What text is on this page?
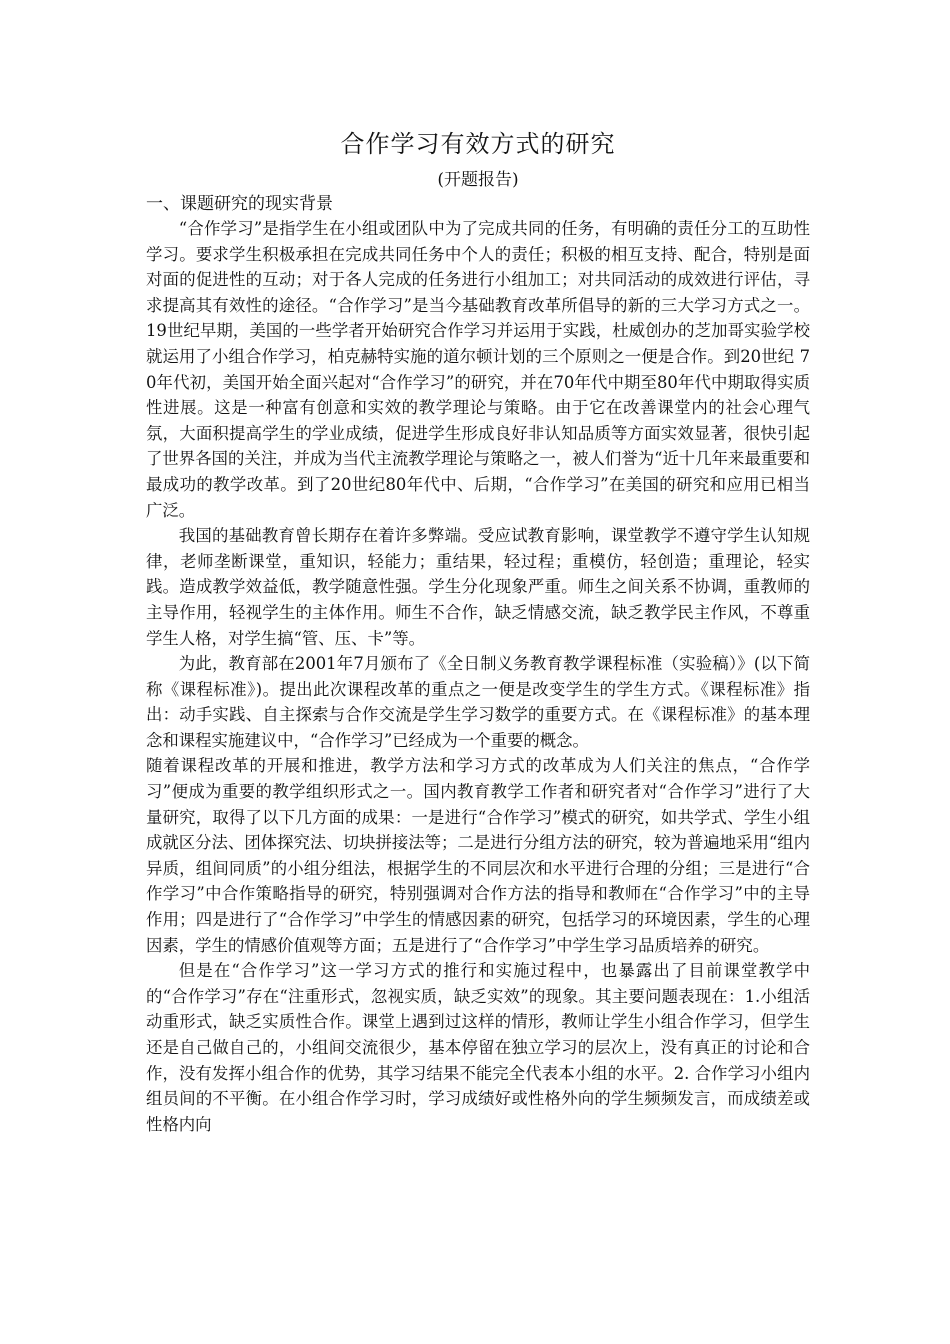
合作学习有效方式的研究

(开题报告)

一、课题研究的现实背景

“合作学习”是指学生在小组或团队中为了完成共同的任务，有明确的责任分工的互助性学习。要求学生积极承担在完成共同任务中个人的责任；积极的相互支持、配合，特别是面对面的促进性的互动；对于各人完成的任务进行小组加工；对共同活动的成效进行评估，寻求提高其有效性的途径。“合作学习”是当今基础教育改革所倡导的新的三大学习方式之一。19世纪早期，美国的一些学者开始研究合作学习并运用于实践，杜威创办的芝加哥实验学校就运用了小组合作学习，柏克赫特实施的道尔顿计划的三个原则之一便是合作。到20世纪 70年代初，美国开始全面兴起对“合作学习”的研究，并在70年代中期至80年代中期取得实质性进展。这是一种富有创意和实效的教学理论与策略。由于它在改善课堂内的社会心理气氛，大面积提高学生的学业成绩，促进学生形成良好非认知品质等方面实效显著，很快引起了世界各国的关注，并成为当代主流教学理论与策略之一，被人们誉为“近十几年来最重要和最成功的教学改革。到了20世纪80年代中、后期，“合作学习”在美国的研究和应用已相当广泛。

我国的基础教育曾长期存在着许多弊端。受应试教育影响，课堂教学不遵守学生认知规律，老师垄断课堂，重知识，轻能力；重结果，轻过程；重模仿，轻创造；重理论，轻实践。造成教学效益低，教学随意性强。学生分化现象严重。师生之间关系不协调，重教师的主导作用，轻视学生的主体作用。师生不合作，缺乏情感交流，缺乏教学民主作风，不尊重学生人格，对学生搞“管、压、卡”等。

为此，教育部在2001年7月颁布了《全日制义务教育教学课程标准（实验稿）》(以下简称《课程标准》)。提出此次课程改革的重点之一便是改变学生的学生方式。《课程标准》指出：动手实践、自主探索与合作交流是学生学习数学的重要方式。在《课程标准》的基本理念和课程实施建议中，“合作学习”已经成为一个重要的概念。

随着课程改革的开展和推进，教学方法和学习方式的改革成为人们关注的焦点，“合作学习”便成为重要的教学组织形式之一。国内教育教学工作者和研究者对“合作学习”进行了大量研究，取得了以下几方面的成果：一是进行“合作学习”模式的研究，如共学式、学生小组成就区分法、团体探究法、切块拼接法等；二是进行分组方法的研究，较为普遍地采用“组内异质，组间同质”的小组分组法，根据学生的不同层次和水平进行合理的分组；三是进行“合作学习”中合作策略指导的研究，特别强调对合作方法的指导和教师在“合作学习”中的主导作用；四是进行了“合作学习”中学生的情感因素的研究，包括学习的环境因素，学生的心理因素，学生的情感价值观等方面；五是进行了“合作学习”中学生学习品质培养的研究。

但是在“合作学习”这一学习方式的推行和实施过程中，也暴露出了目前课堂教学中的“合作学习”存在“注重形式，忽视实质，缺乏实效”的现象。其主要问题表现在：1.小组活动重形式，缺乏实质性合作。课堂上遇到过这样的情形，教师让学生小组合作学习，但学生还是自己做自己的，小组间交流很少，基本停留在独立学习的层次上，没有真正的讨论和合作，没有发挥小组合作的优势，其学习结果不能完全代表本小组的水平。2. 合作学习小组内组员间的不平衡。在小组合作学习时，学习成绩好或性格外向的学生频频发言，而成绩差或性格内向
